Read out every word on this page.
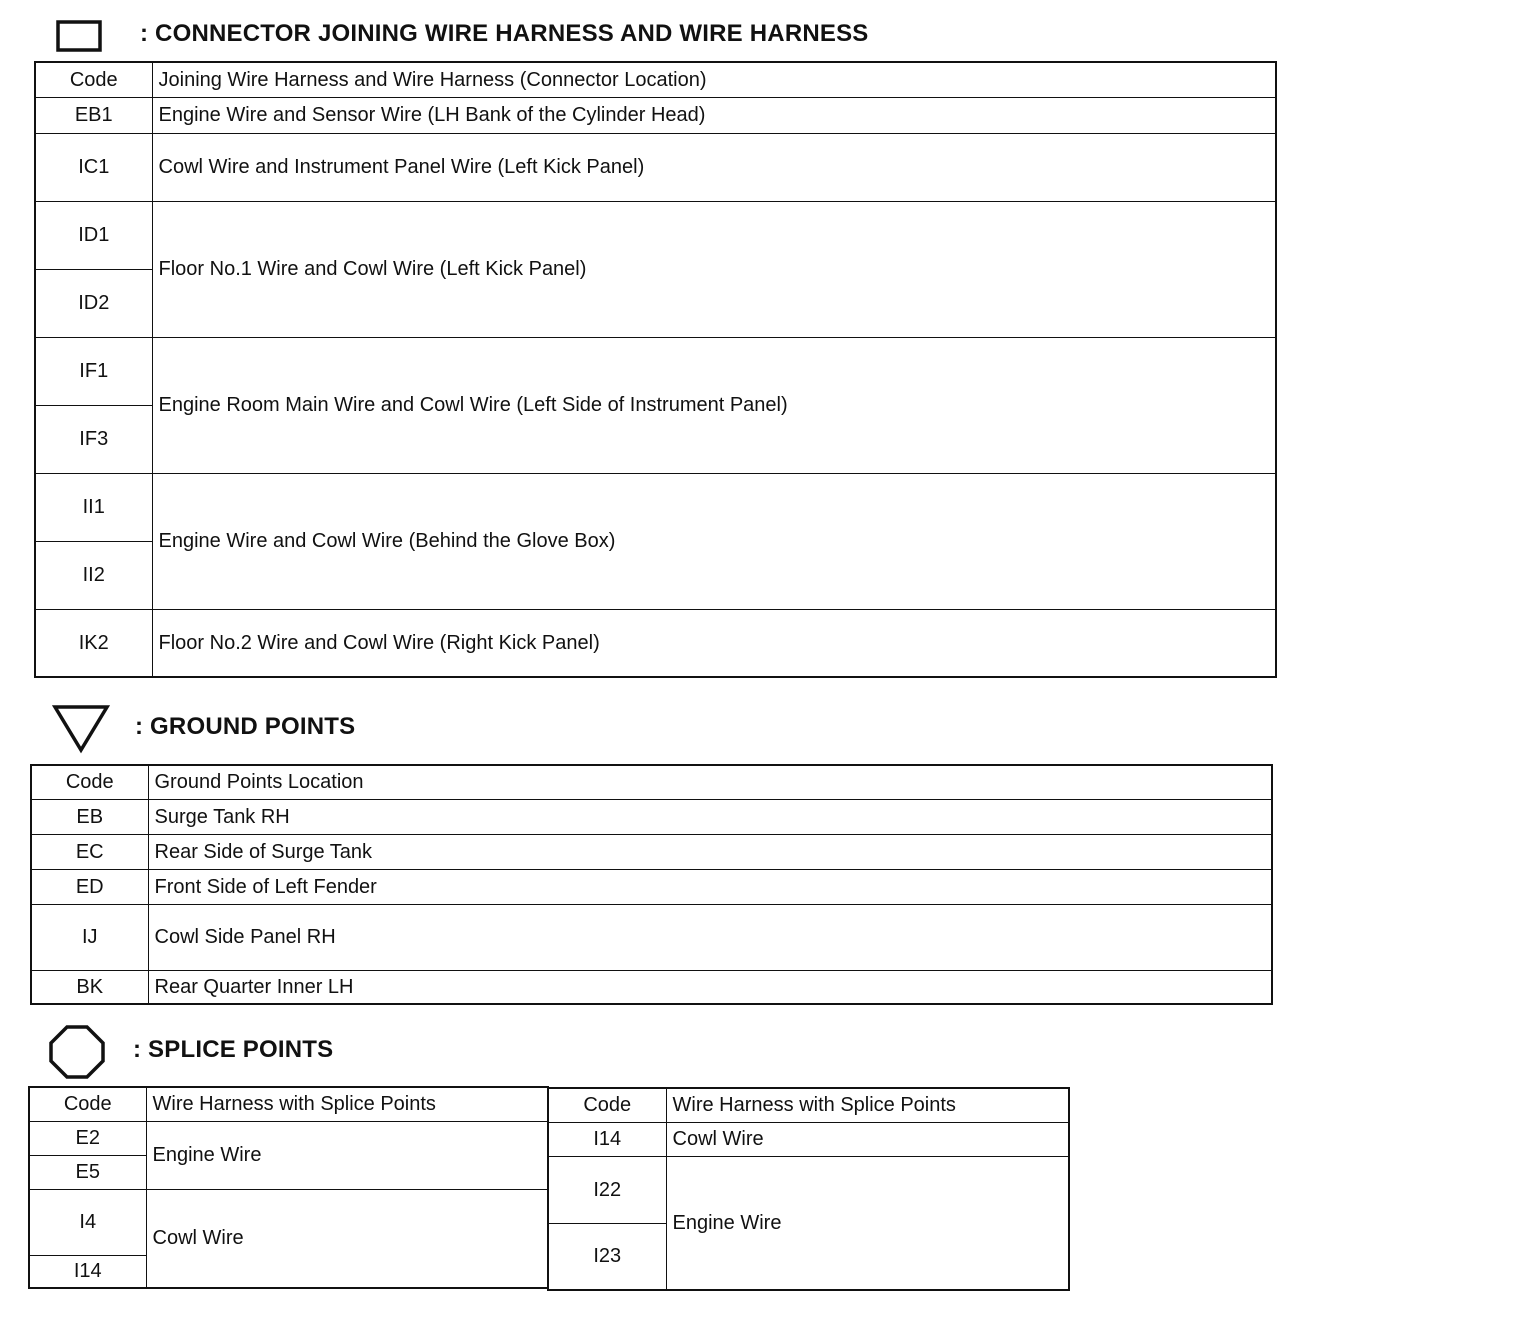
: CONNECTOR JOINING WIRE HARNESS AND WIRE HARNESS
Code	Joining Wire Harness and Wire Harness (Connector Location)
EB1	Engine Wire and Sensor Wire (LH Bank of the Cylinder Head)
IC1	Cowl Wire and Instrument Panel Wire (Left Kick Panel)
ID1	Floor No.1 Wire and Cowl Wire (Left Kick Panel)
ID2	
IF1	Engine Room Main Wire and Cowl Wire (Left Side of Instrument Panel)
IF3	
II1	Engine Wire and Cowl Wire (Behind the Glove Box)
II2	
IK2	Floor No.2 Wire and Cowl Wire (Right Kick Panel)
: GROUND POINTS
Code	Ground Points Location
EB	Surge Tank RH
EC	Rear Side of Surge Tank
ED	Front Side of Left Fender
IJ	Cowl Side Panel RH
BK	Rear Quarter Inner LH
: SPLICE POINTS
Code	Wire Harness with Splice Points
E2	Engine Wire
E5	
I4	Cowl Wire
I14	
Code	Wire Harness with Splice Points
I14	Cowl Wire
I22	Engine Wire
I23	
